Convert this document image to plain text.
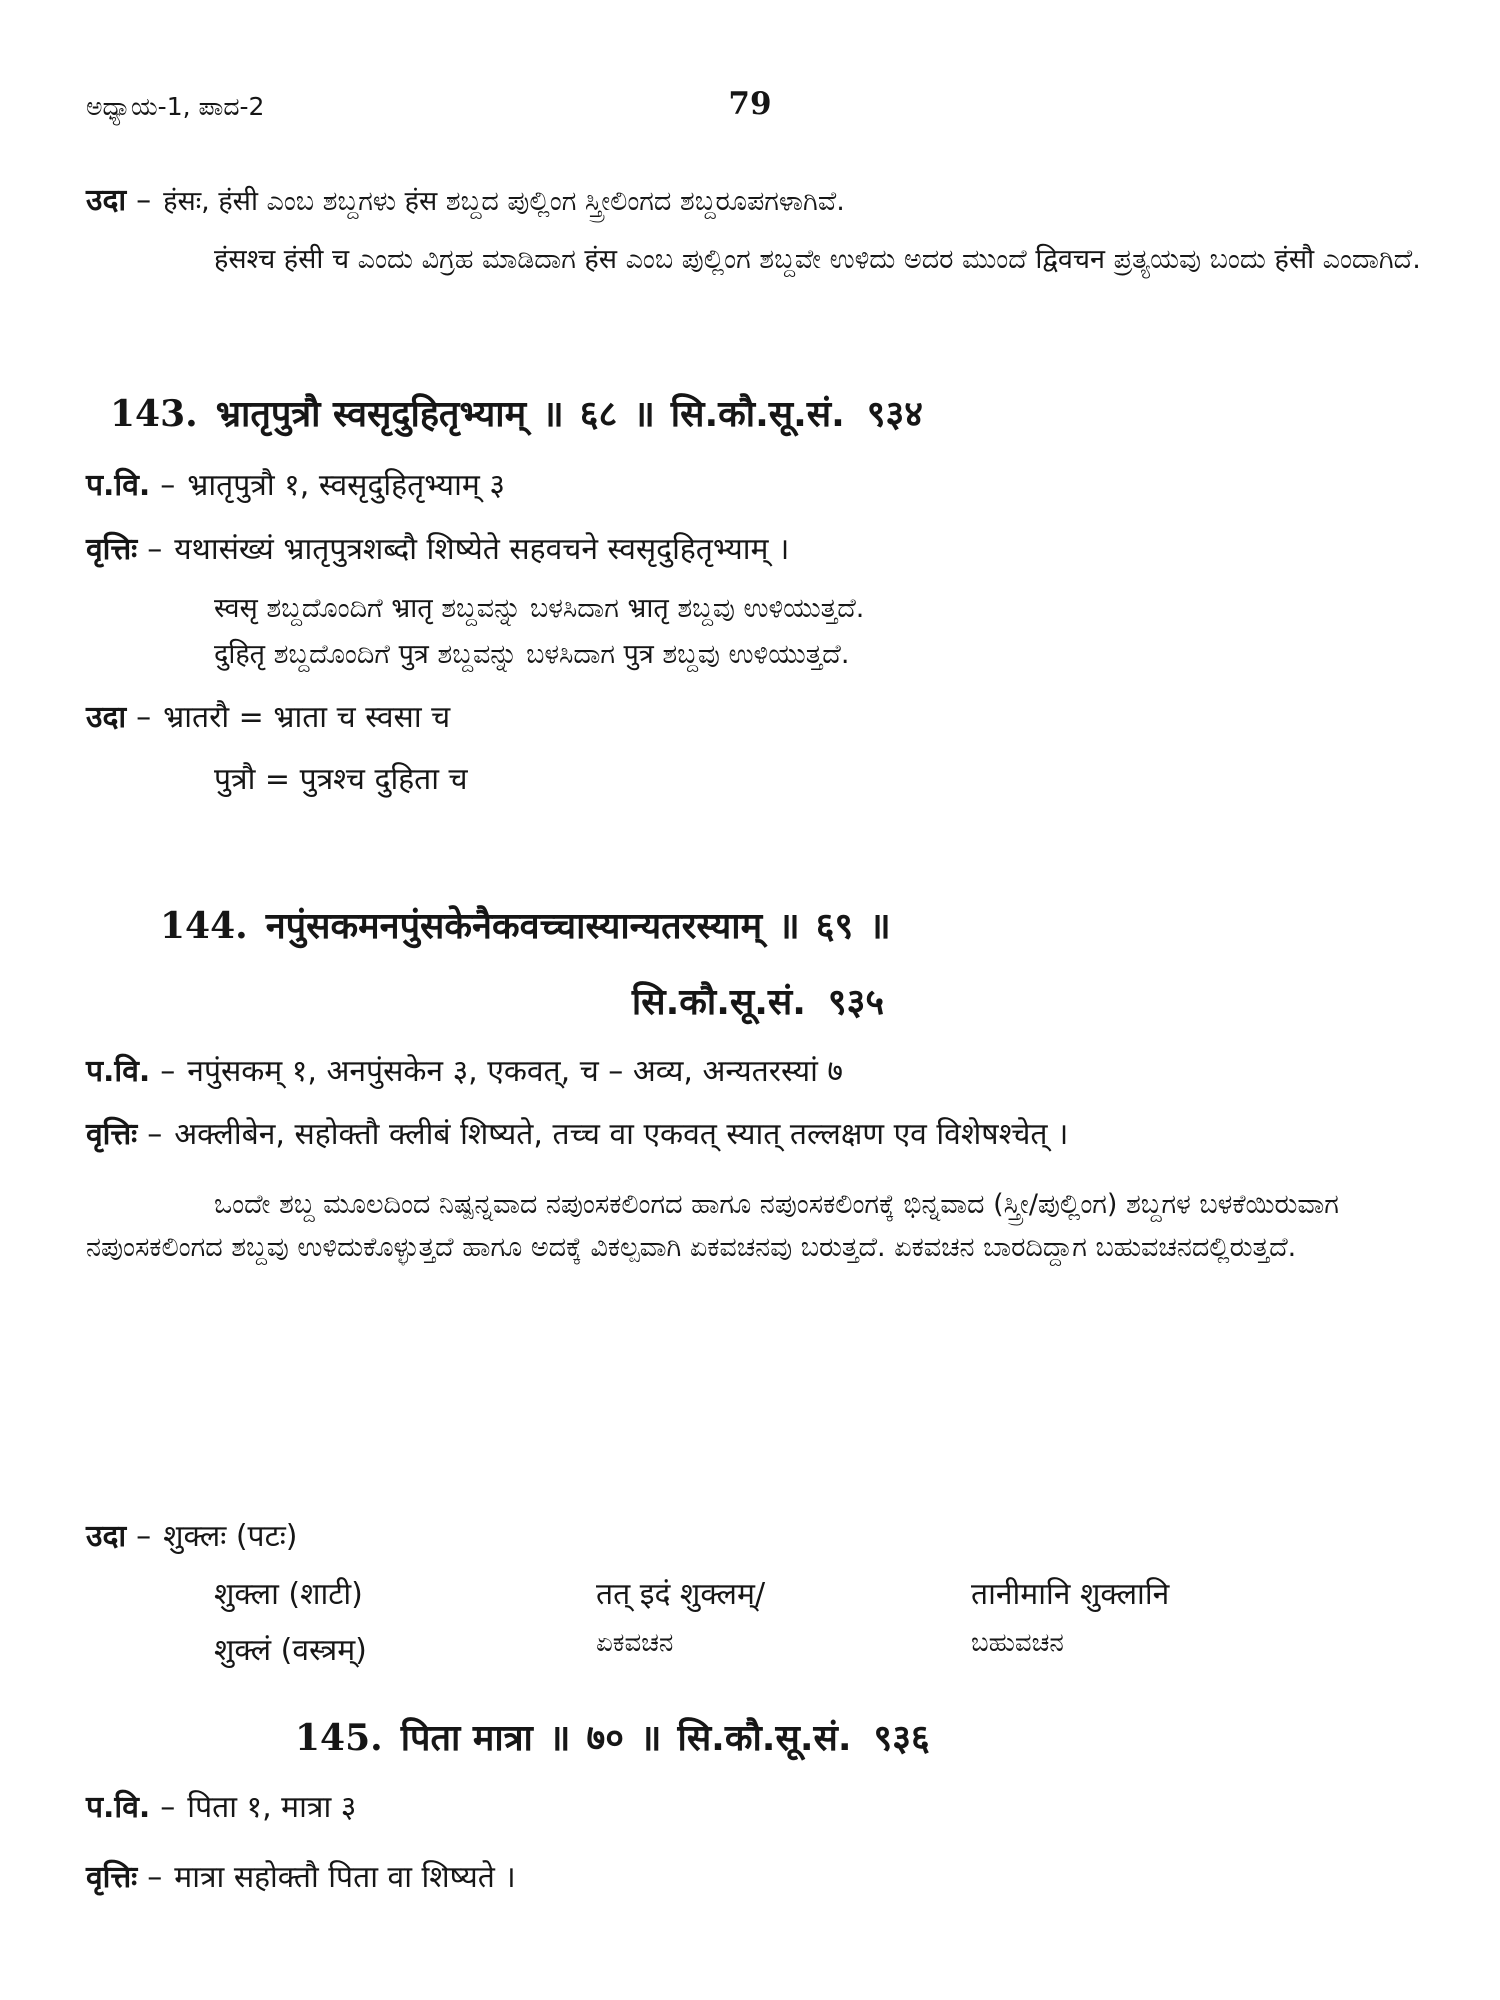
ಅಧ್ಯಾಯ-1, ಪಾದ-2	79
उदा – हंसः, हंसी ಎಂಬ ಶಬ್ದಗಳು हंस ಶಬ್ದದ ಪುಲ್ಲಿಂಗ ಸ್ತ್ರೀಲಿಂಗದ ಶಬ್ದರೂಪಗಳಾಗಿವೆ.
हंसश्च हंसी च ಎಂದು ವಿಗ್ರಹ ಮಾಡಿದಾಗ हंस ಎಂಬ ಪುಲ್ಲಿಂಗ ಶಬ್ದವೇ ಉಳಿದು ಅದರ ಮುಂದೆ द्विवचन ಪ್ರತ್ಯಯವು ಬಂದು हंसौ ಎಂದಾಗಿದೆ.
143. भ्रातृपुत्रौ स्वसृदुहितृभ्याम् ॥ ६८ ॥ सि.कौ.सू.सं. ९३४
प.वि. – भ्रातृपुत्रौ १, स्वसृदुहितृभ्याम् ३
वृत्तिः – यथासंख्यं भ्रातृपुत्रशब्दौ शिष्येते सहवचने स्वसृदुहितृभ्याम् ।
स्वसृ ಶಬ್ದದೊಂದಿಗೆ भ्रातृ ಶಬ್ದವನ್ನು ಬಳಸಿದಾಗ भ्रातृ ಶಬ್ದವು ಉಳಿಯುತ್ತದೆ.
दुहितृ ಶಬ್ದದೊಂದಿಗೆ पुत्र ಶಬ್ದವನ್ನು ಬಳಸಿದಾಗ पुत्र ಶಬ್ದವು ಉಳಿಯುತ್ತದೆ.
उदा – भ्रातरौ = भ्राता च स्वसा च
पुत्रौ = पुत्रश्च दुहिता च
144. नपुंसकमनपुंसकेनैकवच्चास्यान्यतरस्याम् ॥ ६९ ॥
सि.कौ.सू.सं. ९३५
प.वि. – नपुंसकम् १, अनपुंसकेन ३, एकवत्, च – अव्य, अन्यतरस्यां ७
वृत्तिः – अक्लीबेन, सहोक्तौ क्लीबं शिष्यते, तच्च वा एकवत् स्यात् तल्लक्षण एव विशेषश्चेत् ।
ಒಂದೇ ಶಬ್ದ ಮೂಲದಿಂದ ನಿಷ್ಪನ್ನವಾದ ನಪುಂಸಕಲಿಂಗದ ಹಾಗೂ ನಪುಂಸಕಲಿಂಗಕ್ಕೆ ಭಿನ್ನವಾದ (ಸ್ತ್ರೀ/ಪುಲ್ಲಿಂಗ) ಶಬ್ದಗಳ ಬಳಕೆಯಿರುವಾಗ ನಪುಂಸಕಲಿಂಗದ ಶಬ್ದವು ಉಳಿದುಕೊಳ್ಳುತ್ತದೆ ಹಾಗೂ ಅದಕ್ಕೆ ವಿಕಲ್ಪವಾಗಿ ಏಕವಚನವು ಬರುತ್ತದೆ. ಏಕವಚನ ಬಾರದಿದ್ದಾಗ ಬಹುವಚನದಲ್ಲಿರುತ್ತದೆ.
उदा – शुक्लः (पटः)
शुक्ला (शाटी)	तत् इदं शुक्लम्/	तानीमानि शुक्लानि
शुक्लं (वस्त्रम्)	ಏಕವಚನ	ಬಹುವಚನ
145. पिता मात्रा ॥ ७० ॥ सि.कौ.सू.सं. ९३६
प.वि. – पिता १, मात्रा ३
वृत्तिः – मात्रा सहोक्तौ पिता वा शिष्यते ।
